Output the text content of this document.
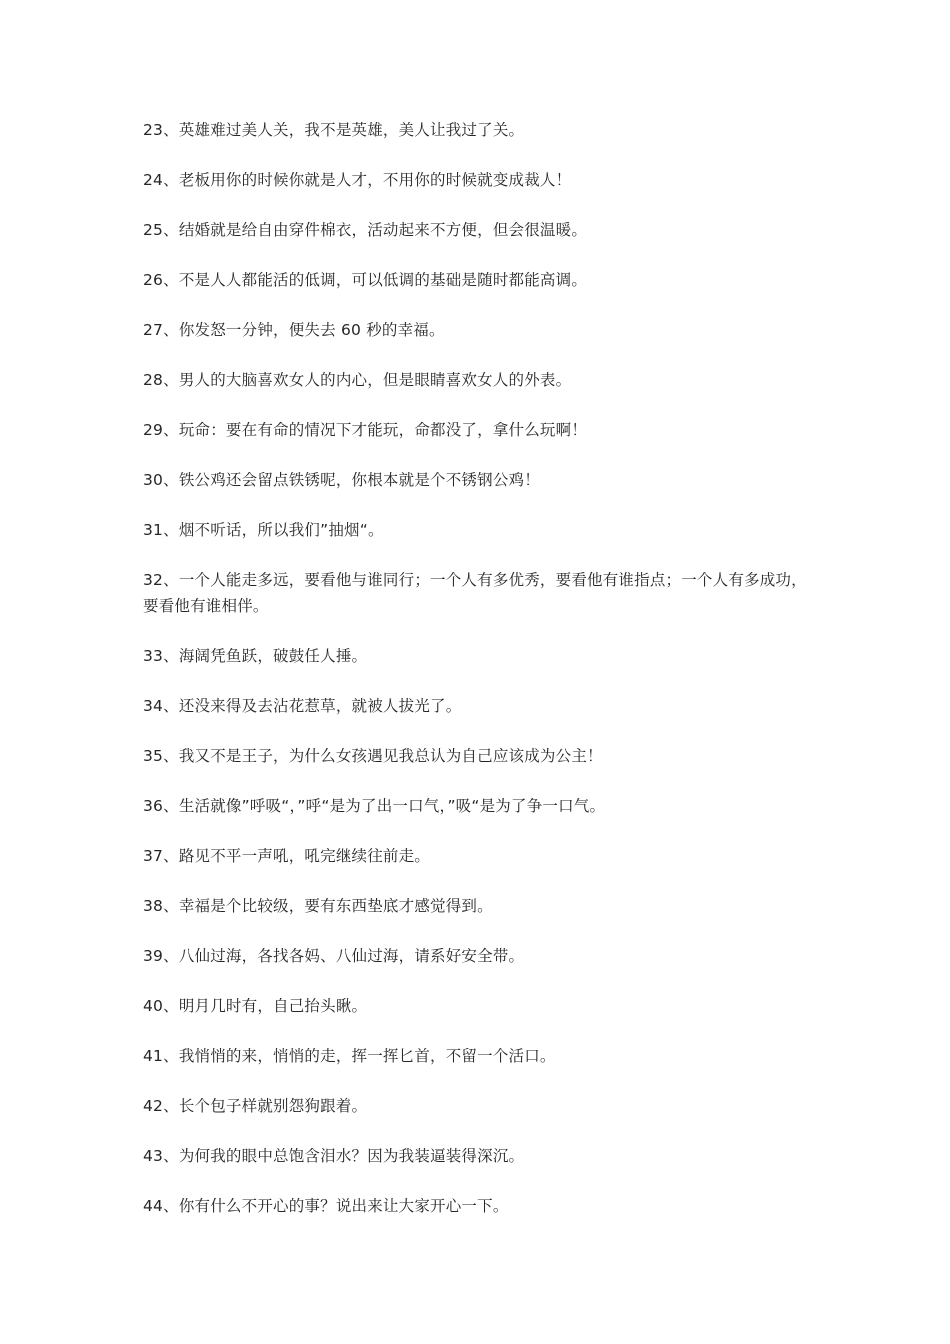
23、英雄难过美人关，我不是英雄，美人让我过了关。
24、老板用你的时候你就是人才，不用你的时候就变成裁人！
25、结婚就是给自由穿件棉衣，活动起来不方便，但会很温暖。
26、不是人人都能活的低调，可以低调的基础是随时都能高调。
27、你发怒一分钟，便失去 60 秒的幸福。
28、男人的大脑喜欢女人的内心，但是眼睛喜欢女人的外表。
29、玩命：要在有命的情况下才能玩，命都没了，拿什么玩啊！
30、铁公鸡还会留点铁锈呢，你根本就是个不锈钢公鸡！
31、烟不听话，所以我们”抽烟“。
32、一个人能走多远，要看他与谁同行；一个人有多优秀，要看他有谁指点；一个人有多成功，要看他有谁相伴。
33、海阔凭鱼跃，破鼓任人捶。
34、还没来得及去沾花惹草，就被人拔光了。
35、我又不是王子，为什么女孩遇见我总认为自己应该成为公主！
36、生活就像”呼吸“，”呼“是为了出一口气，”吸“是为了争一口气。
37、路见不平一声吼，吼完继续往前走。
38、幸福是个比较级，要有东西垫底才感觉得到。
39、八仙过海，各找各妈、八仙过海，请系好安全带。
40、明月几时有，自己抬头瞅。
41、我悄悄的来，悄悄的走，挥一挥匕首，不留一个活口。
42、长个包子样就别怨狗跟着。
43、为何我的眼中总饱含泪水？因为我装逼装得深沉。
44、你有什么不开心的事？说出来让大家开心一下。
